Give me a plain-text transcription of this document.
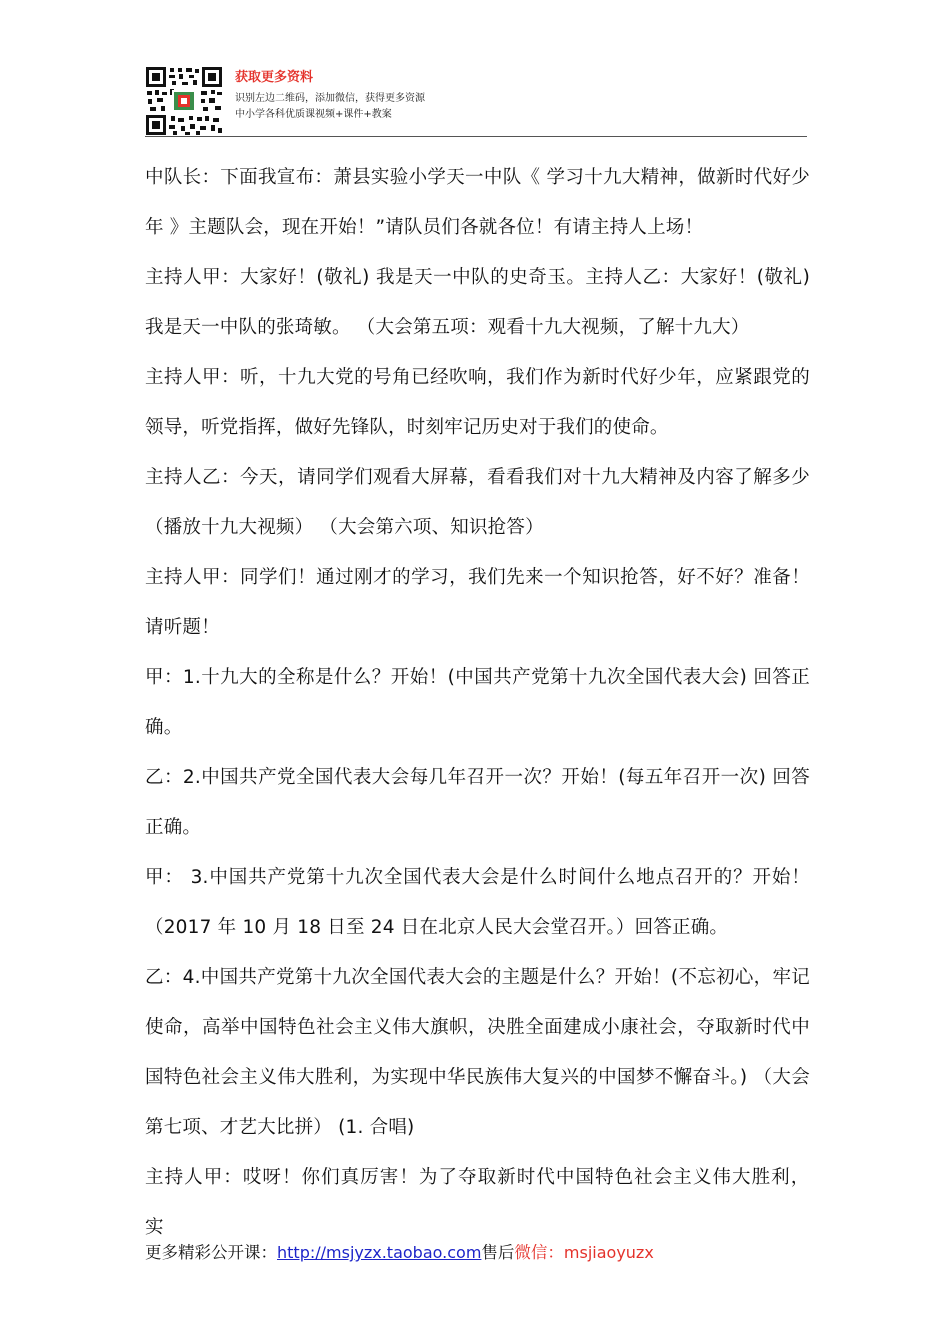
获取更多资料
识别左边二维码，添加微信，获得更多资源
中小学各科优质课视频+课件+教案

中队长：下面我宣布：萧县实验小学天一中队《 学习十九大精神，做新时代好少年 》主题队会，现在开始！”请队员们各就各位！有请主持人上场！

主持人甲：大家好！(敬礼) 我是天一中队的史奇玉。主持人乙：大家好！(敬礼) 我是天一中队的张琦敏。 （大会第五项：观看十九大视频，了解十九大）

主持人甲：听，十九大党的号角已经吹响，我们作为新时代好少年，应紧跟党的领导，听党指挥，做好先锋队，时刻牢记历史对于我们的使命。

主持人乙：今天，请同学们观看大屏幕，看看我们对十九大精神及内容了解多少（播放十九大视频） （大会第六项、知识抢答）

主持人甲：同学们！通过刚才的学习，我们先来一个知识抢答，好不好？准备！请听题！

甲：1.十九大的全称是什么？开始！(中国共产党第十九次全国代表大会) 回答正确。

乙：2.中国共产党全国代表大会每几年召开一次？开始！(每五年召开一次) 回答正确。

甲： 3.中国共产党第十九次全国代表大会是什么时间什么地点召开的？开始！（2017 年 10 月 18 日至 24 日在北京人民大会堂召开。）回答正确。

乙：4.中国共产党第十九次全国代表大会的主题是什么？开始！(不忘初心，牢记使命，高举中国特色社会主义伟大旗帜，决胜全面建成小康社会，夺取新时代中国特色社会主义伟大胜利，为实现中华民族伟大复兴的中国梦不懈奋斗。) （大会第七项、才艺大比拼） (1. 合唱)

主持人甲：哎呀！你们真厉害！为了夺取新时代中国特色社会主义伟大胜利，实

更多精彩公开课：http://msjyzx.taobao.com售后微信：msjiaoyuzx
